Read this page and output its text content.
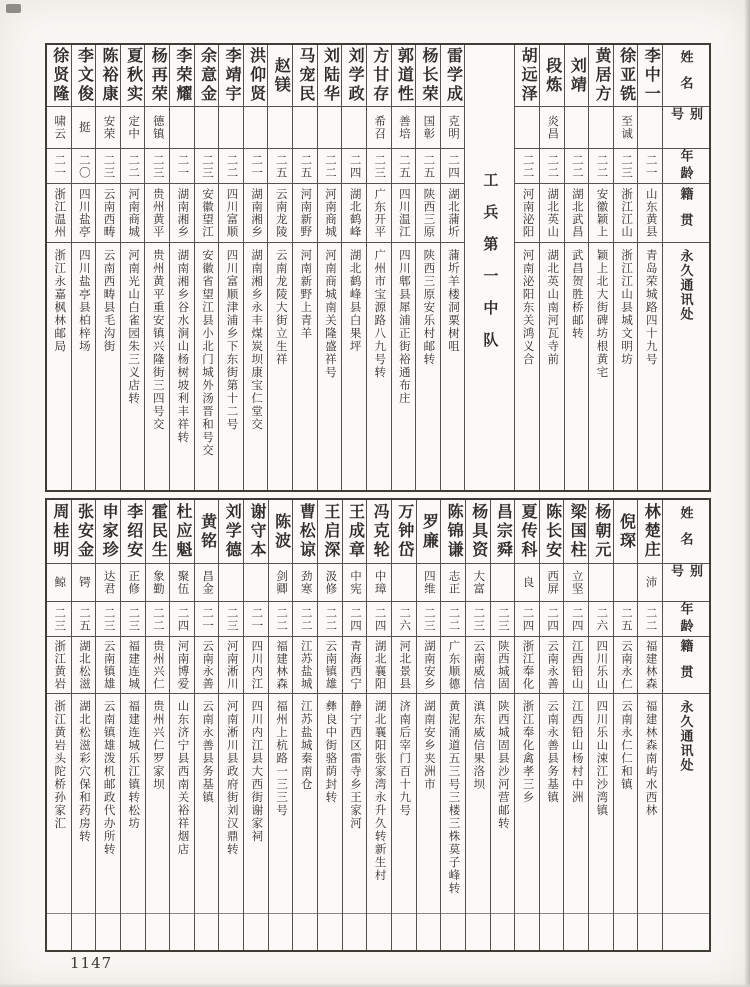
姓名
别号
年龄
籍贯
永久通讯处
李中一
二一
山东黄县
青岛荣城路四十九号
徐亚铣
至诚
二三
浙江江山
浙江江山县城文明坊
黄居方
二二
安徽颖上
颖上北大街碑坊根黄宅
刘靖
二二
湖北武昌
武昌贺胜桥邮转
段炼
炎昌
二二
湖北英山
湖北英山南河瓦寺前
胡远泽
二二
河南泌阳
河南泌阳东关鸿义合
工兵第一中队
雷学成
克明
二四
湖北蒲圻
蒲圻羊楼洞栗树咀
杨长荣
国彰
二五
陕西三原
陕西三原安乐村邮转
郭道性
善培
二五
四川温江
四川郫县犀浦正街裕通布庄
方甘存
希召
二三
广东开平
广州市宝源路八九号转
刘学政
二四
湖北鹤峰
湖北鹤峰县白果坪
刘陆华
二二
河南商城
河南商城南关隆盛祥号
马宠民
二五
河南新野
河南新野上青羊
赵镁
二五
云南龙陵
云南龙陵大街立生祥
洪仰贤
二一
湖南湘乡
湖南湘乡永丰煤炭坝康宝仁堂交
李靖宇
二二
四川富顺
四川富顺津浦乡下东街第十二号
余意金
二三
安徽望江
安徽省望江县小北门城外汤晋和号交
李荣耀
二一
湖南湘乡
湖南湘乡谷水涧山杨树坡利丰祥转
杨再荣
德镇
二三
贵州黄平
贵州黄平重安镇兴隆街三四号交
夏秋实
定中
二二
河南商城
河南光山白雀园朱三义店转
陈裕康
安荣
二三
云南西畴
云南西畴县毛沟街
李文俊
挺
二〇
四川盐亭
四川盐亭县柏梓场
徐贤隆
啸云
二一
浙江温州
浙江永嘉枫林邮局
姓名
别号
年龄
籍贯
永久通讯处
林楚庄
沛
二二
福建林森
福建林森南屿水西林
倪琛
二五
云南永仁
云南永仁仁和镇
杨朝元
二六
四川乐山
四川乐山涑江沙湾镇
梁国柱
立坚
二四
江西铅山
江西铅山杨村中洲
陈长安
西屏
二四
云南永善
云南永善县务基镇
夏传科
良
二四
浙江奉化
浙江奉化禽孝三乡
昌宗舜
二三
陕西城固
陕西城固县沙河营邮转
杨具资
大富
二三
云南威信
滇东威信果洛坝
陈锦谦
志正
二二
广东顺德
黄泥涌道五三号三楼三株莫子峰转
罗廉
四维
二三
湖南安乡
湖南安乡夹洲市
万钟岱
二六
河北景县
济南后宰门百十九号
冯克轮
中璋
二四
湖北襄阳
湖北襄阳张家湾永升久转新生村
王成章
中宪
二四
青海西宁
静宁西区雷寺乡王家河
王启深
汲修
二二
云南镇雄
彝良中街骆荫封转
曹松谅
劲寒
二二
江苏盐城
江苏盐城秦南仓
陈波
剑卿
二二
福建林森
福州上杭路一三三号
谢守本
二一
四川内江
四川内江县大西街谢家祠
刘学德
二三
河南淅川
河南淅川县政府街刘汉鼎转
黄铭
昌金
二一
云南永善
云南永善县务基镇
杜应魁
聚伍
二四
河南博爱
山东济宁县西南关裕祥烟店
霍民生
象勤
二二
贵州兴仁
贵州兴仁罗家坝
李绍安
正修
二三
福建连城
福建连城乐江镇转松坊
申家珍
达君
二三
云南镇雄
云南镇雄泼机邮政代办所转
张安金
锷
二五
湖北松滋
湖北松滋彩穴保和药房转
周桂明
鲸
二三
浙江黄岩
浙江黄岩头陀桥孙家汇
1147
